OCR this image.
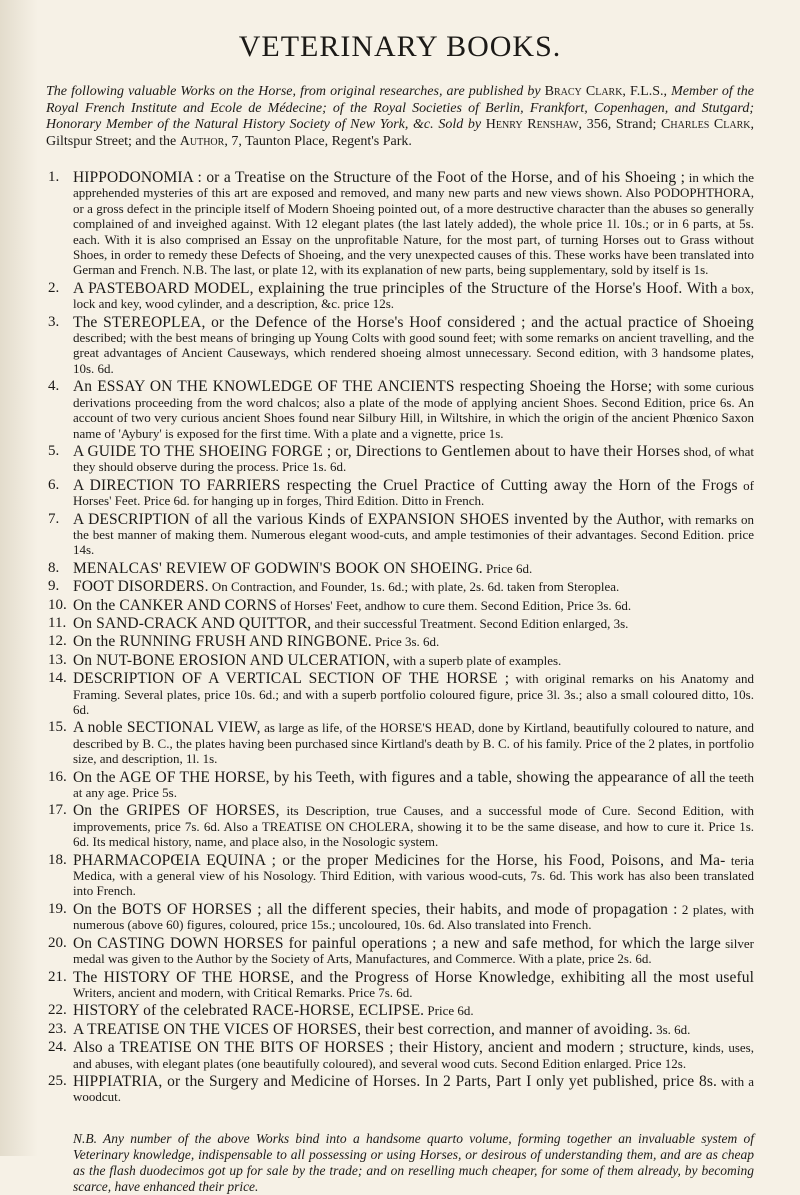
VETERINARY BOOKS.

The following valuable Works on the Horse, from original researches, are published by Bracy Clark, F.L.S., Member of the Royal French Institute and Ecole de Médecine; of the Royal Societies of Berlin, Frankfort, Copenhagen, and Stutgard; Honorary Member of the Natural History Society of New York, &c. Sold by Henry Renshaw, 356, Strand; Charles Clark, Giltspur Street; and the Author, 7, Taunton Place, Regent's Park.

1. HIPPODONOMIA : or a Treatise on the Structure of the Foot of the Horse, and of his Shoeing ; in which the apprehended mysteries of this art are exposed and removed, and many new parts and new views shown. Also PODOPHTHORA, or a gross defect in the principle itself of Modern Shoeing pointed out, of a more destructive character than the abuses so generally complained of and inveighed against. With 12 elegant plates (the last lately added), the whole price 1l. 10s.; or in 6 parts, at 5s. each. With it is also comprised an Essay on the unprofitable Nature, for the most part, of turning Horses out to Grass without Shoes, in order to remedy these Defects of Shoeing, and the very unexpected causes of this. These works have been translated into German and French. N.B. The last, or plate 12, with its explanation of new parts, being supplementary, sold by itself is 1s.
2. A PASTEBOARD MODEL, explaining the true principles of the Structure of the Horse's Hoof. With a box, lock and key, wood cylinder, and a description, &c. price 12s.
3. The STEREOPLEA, or the Defence of the Horse's Hoof considered ; and the actual practice of Shoeing described; with the best means of bringing up Young Colts with good sound feet; with some remarks on ancient travelling, and the great advantages of Ancient Causeways, which rendered shoeing almost unnecessary. Second edition, with 3 handsome plates, 10s. 6d.
4. An ESSAY ON THE KNOWLEDGE OF THE ANCIENTS respecting Shoeing the Horse; with some curious derivations proceeding from the word chalcos; also a plate of the mode of applying ancient Shoes. Second Edition, price 6s. An account of two very curious ancient Shoes found near Silbury Hill, in Wiltshire, in which the origin of the ancient Phœnico Saxon name of 'Aybury' is exposed for the first time. With a plate and a vignette, price 1s.
5. A GUIDE TO THE SHOEING FORGE ; or, Directions to Gentlemen about to have their Horses shod, of what they should observe during the process. Price 1s. 6d.
6. A DIRECTION TO FARRIERS respecting the Cruel Practice of Cutting away the Horn of the Frogs of Horses' Feet. Price 6d. for hanging up in forges, Third Edition. Ditto in French.
7. A DESCRIPTION of all the various Kinds of EXPANSION SHOES invented by the Author, with remarks on the best manner of making them. Numerous elegant wood-cuts, and ample testimonies of their advantages. Second Edition. price 14s.
8. MENALCAS' REVIEW OF GODWIN'S BOOK ON SHOEING. Price 6d.
9. FOOT DISORDERS. On Contraction, and Founder, 1s. 6d.; with plate, 2s. 6d. taken from Steroplea.
10. On the CANKER AND CORNS of Horses' Feet, andhow to cure them. Second Edition, Price 3s. 6d.
11. On SAND-CRACK AND QUITTOR, and their successful Treatment. Second Edition enlarged, 3s.
12. On the RUNNING FRUSH AND RINGBONE. Price 3s. 6d.
13. On NUT-BONE EROSION AND ULCERATION, with a superb plate of examples.
14. DESCRIPTION OF A VERTICAL SECTION OF THE HORSE ; with original remarks on his Anatomy and Framing. Several plates, price 10s. 6d.; and with a superb portfolio coloured figure, price 3l. 3s.; also a small coloured ditto, 10s. 6d.
15. A noble SECTIONAL VIEW, as large as life, of the HORSE'S HEAD, done by Kirtland, beautifully coloured to nature, and described by B. C., the plates having been purchased since Kirtland's death by B. C. of his family. Price of the 2 plates, in portfolio size, and description, 1l. 1s.
16. On the AGE OF THE HORSE, by his Teeth, with figures and a table, showing the appearance of all the teeth at any age. Price 5s.
17. On the GRIPES OF HORSES, its Description, true Causes, and a successful mode of Cure. Second Edition, with improvements, price 7s. 6d. Also a TREATISE ON CHOLERA, showing it to be the same disease, and how to cure it. Price 1s. 6d. Its medical history, name, and place also, in the Nosologic system.
18. PHARMACOPŒIA EQUINA ; or the proper Medicines for the Horse, his Food, Poisons, and Ma- teria Medica, with a general view of his Nosology. Third Edition, with various wood-cuts, 7s. 6d. This work has also been translated into French.
19. On the BOTS OF HORSES ; all the different species, their habits, and mode of propagation : 2 plates, with numerous (above 60) figures, coloured, price 15s.; uncoloured, 10s. 6d. Also translated into French.
20. On CASTING DOWN HORSES for painful operations ; a new and safe method, for which the large silver medal was given to the Author by the Society of Arts, Manufactures, and Commerce. With a plate, price 2s. 6d.
21. The HISTORY OF THE HORSE, and the Progress of Horse Knowledge, exhibiting all the most useful Writers, ancient and modern, with Critical Remarks. Price 7s. 6d.
22. HISTORY of the celebrated RACE-HORSE, ECLIPSE. Price 6d.
23. A TREATISE ON THE VICES OF HORSES, their best correction, and manner of avoiding. 3s. 6d.
24. Also a TREATISE ON THE BITS OF HORSES ; their History, ancient and modern ; structure, kinds, uses, and abuses, with elegant plates (one beautifully coloured), and several wood cuts. Second Edition enlarged. Price 12s.
25. HIPPIATRIA, or the Surgery and Medicine of Horses. In 2 Parts, Part I only yet published, price 8s. with a woodcut.

N.B. Any number of the above Works bind into a handsome quarto volume, forming together an invaluable system of Veterinary knowledge, indispensable to all possessing or using Horses, or desirous of understanding them, and are as cheap as the flash duodecimos got up for sale by the trade; and on reselling much cheaper, for some of them already, by becoming scarce, have enhanced their price.
